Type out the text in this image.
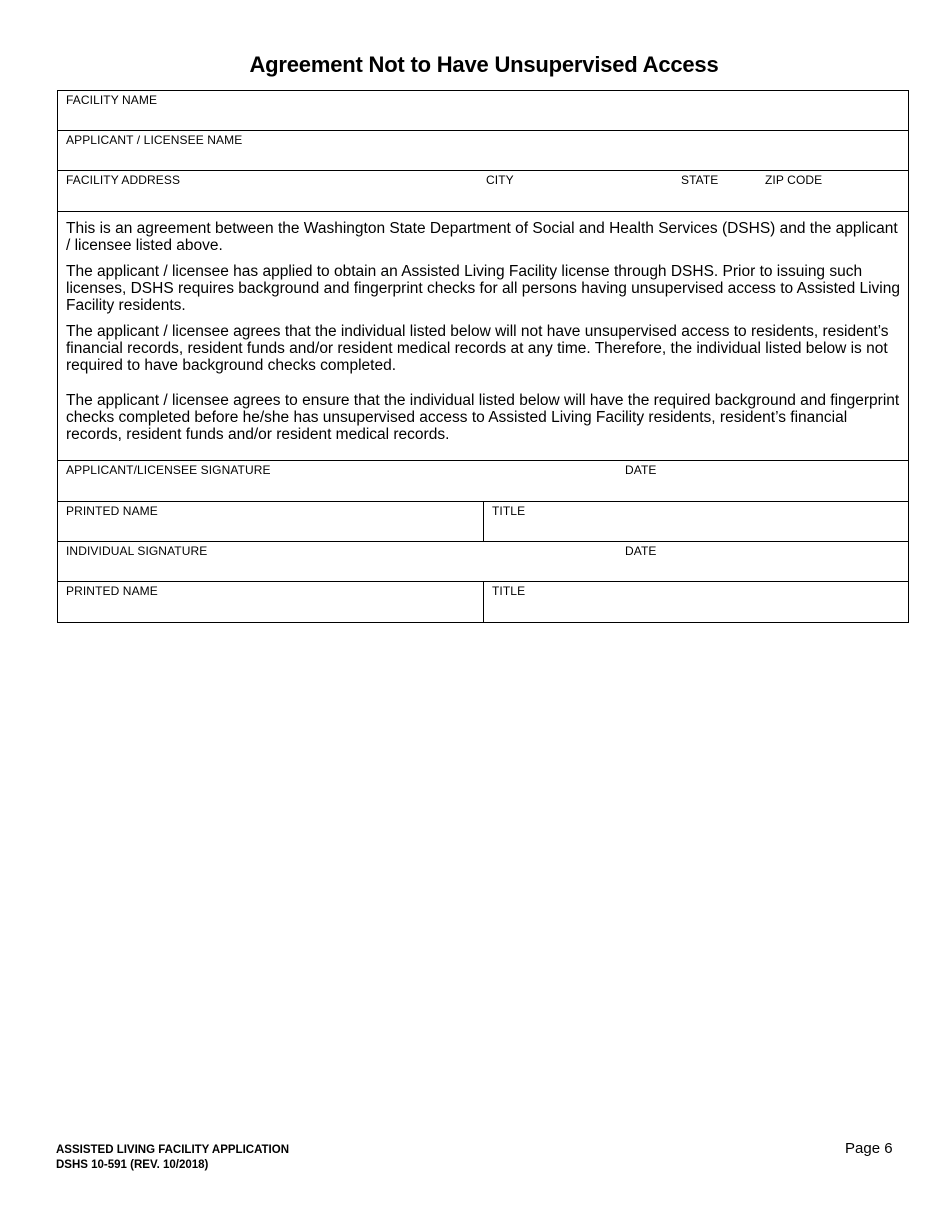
Agreement Not to Have Unsupervised Access
FACILITY NAME
APPLICANT / LICENSEE NAME
FACILITY ADDRESS	CITY	STATE	ZIP CODE

This is an agreement between the Washington State Department of Social and Health Services (DSHS) and the applicant / licensee listed above.

The applicant / licensee has applied to obtain an Assisted Living Facility license through DSHS. Prior to issuing such licenses, DSHS requires background and fingerprint checks for all persons having unsupervised access to Assisted Living Facility residents.

The applicant / licensee agrees that the individual listed below will not have unsupervised access to residents, resident’s financial records, resident funds and/or resident medical records at any time. Therefore, the individual listed below is not required to have background checks completed.

The applicant / licensee agrees to ensure that the individual listed below will have the required background and fingerprint checks completed before he/she has unsupervised access to Assisted Living Facility residents, resident’s financial records, resident funds and/or resident medical records.

APPLICANT/LICENSEE SIGNATURE	DATE
PRINTED NAME	TITLE
INDIVIDUAL SIGNATURE	DATE
PRINTED NAME	TITLE
ASSISTED LIVING FACILITY APPLICATION
DSHS 10-591 (REV. 10/2018)
Page 6
